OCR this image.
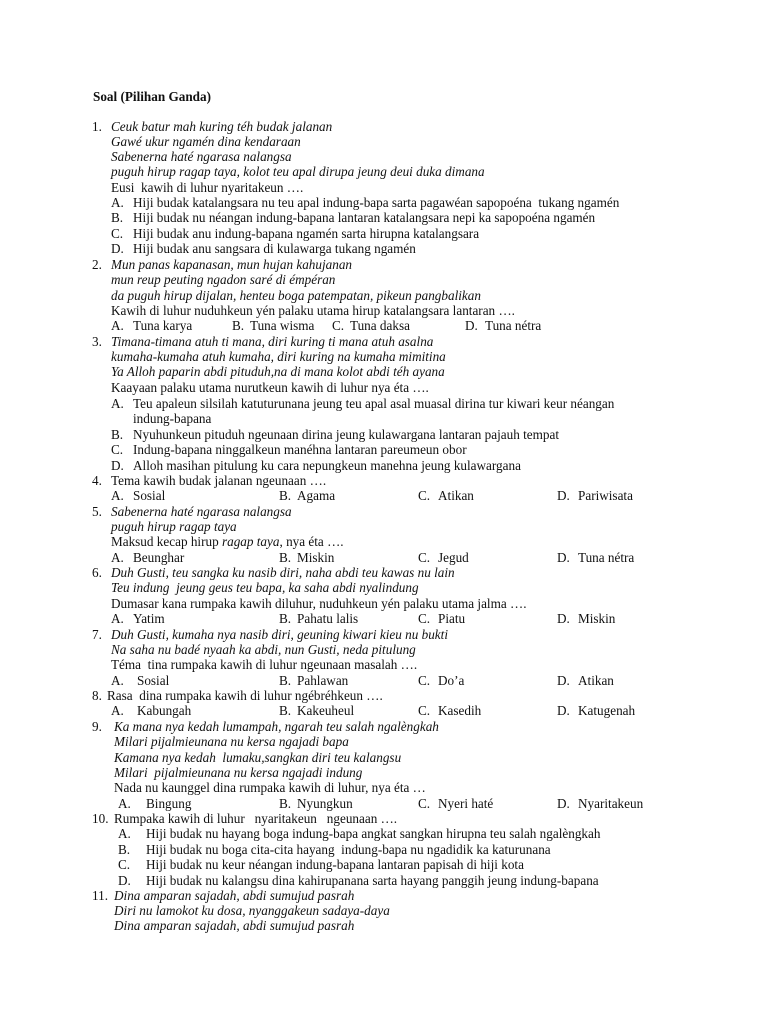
Soal (Pilihan Ganda)
1. Ceuk batur mah kuring téh budak jalanan
Gawé ukur ngamén dina kendaraan
Sabenerna haté ngarasa nalangsa
puguh hirup ragap taya, kolot teu apal dirupa jeung deui duka dimana
Eusi  kawih di luhur nyaritakeun ….
A. Hiji budak katalangsara nu teu apal indung-bapa sarta pagawéan sapopoéna  tukang ngamén
B. Hiji budak nu néangan indung-bapana lantaran katalangsara nepi ka sapopoéna ngamén
C. Hiji budak anu indung-bapana ngamén sarta hirupna katalangsara
D. Hiji budak anu sangsara di kulawarga tukang ngamén
2. Mun panas kapanasan, mun hujan kahujanan
mun reup peuting ngadon saré di émpéran
da puguh hirup dijalan, henteu boga patempatan, pikeun pangbalikan
Kawih di luhur nuduhkeun yén palaku utama hirup katalangsara lantaran ….
A. Tuna karya	B. Tuna wisma C. Tuna daksa	D. Tuna nétra
3. Timana-timana atuh ti mana, diri kuring ti mana atuh asalna
kumaha-kumaha atuh kumaha, diri kuring na kumaha mimitina
Ya Alloh paparin abdi pituduh,na di mana kolot abdi téh ayana
Kaayaan palaku utama nurutkeun kawih di luhur nya éta ….
A. Teu apaleun silsilah katuturunana jeung teu apal asal muasal dirina tur kiwari keur néangan
indung-bapana
B. Nyuhunkeun pituduh ngeunaan dirina jeung kulawargana lantaran pajauh tempat
C. Indung-bapana ninggalkeun manéhna lantaran pareumeun obor
D. Alloh masihan pitulung ku cara nepungkeun manehna jeung kulawargana
4. Tema kawih budak jalanan ngeunaan ….
A. Sosial	B. Agama	C. Atikan	D. Pariwisata
5. Sabenerna haté ngarasa nalangsa
puguh hirup ragap taya
Maksud kecap hirup ragap taya, nya éta ….
A. Beunghar	B. Miskin	C. Jegud	D. Tuna nétra
6. Duh Gusti, teu sangka ku nasib diri, naha abdi teu kawas nu lain
Teu indung  jeung geus teu bapa, ka saha abdi nyalindung
Dumasar kana rumpaka kawih diluhur, nuduhkeun yén palaku utama jalma ….
A. Yatim	B. Pahatu lalis	C. Piatu	D. Miskin
7. Duh Gusti, kumaha nya nasib diri, geuning kiwari kieu nu bukti
Na saha nu badé nyaah ka abdi, nun Gusti, neda pitulung
Téma  tina rumpaka kawih di luhur ngeunaan masalah ….
A. Sosial	B. Pahlawan	C. Do’a	D. Atikan
8. Rasa  dina rumpaka kawih di luhur ngébréhkeun ….
A. Kabungah	B. Kakeuheul	C. Kasedih	D. Katugenah
9. Ka mana nya kedah lumampah, ngarah teu salah ngalèngkah
Milari pijalmieunana nu kersa ngajadi bapa
Kamana nya kedah  lumaku,sangkan diri teu kalangsu
Milari  pijalmieunana nu kersa ngajadi indung
Nada nu kaunggel dina rumpaka kawih di luhur, nya éta …
A. Bingung	B. Nyungkun	C. Nyeri haté	D. Nyaritakeun
10. Rumpaka kawih di luhur   nyaritakeun   ngeunaan ….
A. Hiji budak nu hayang boga indung-bapa angkat sangkan hirupna teu salah ngalèngkah
B. Hiji budak nu boga cita-cita hayang  indung-bapa nu ngadidik ka katurunana
C. Hiji budak nu keur néangan indung-bapana lantaran papisah di hiji kota
D. Hiji budak nu kalangsu dina kahirupanana sarta hayang panggih jeung indung-bapana
11. Dina amparan sajadah, abdi sumujud pasrah
Diri nu lamokot ku dosa, nyanggakeun sadaya-daya
Dina amparan sajadah, abdi sumujud pasrah
